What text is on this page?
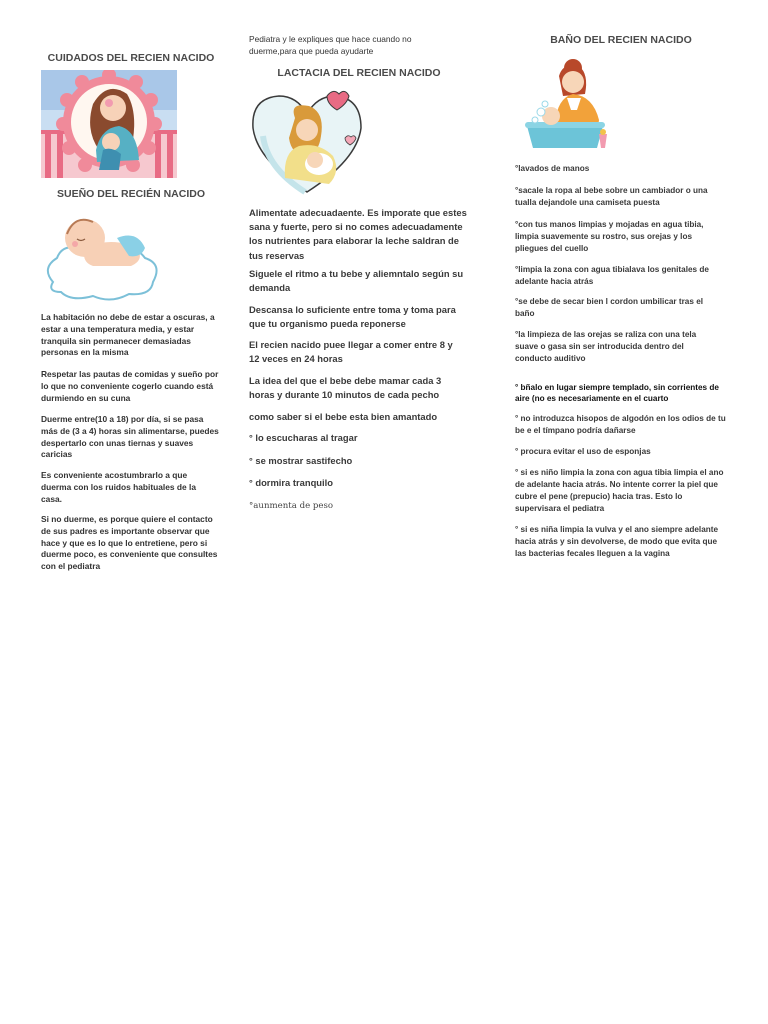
CUIDADOS DEL RECIEN NACIDO
SUEÑO DEL RECIÉN NACIDO
La habitación no debe de estar a oscuras, a estar a una temperatura media, y estar tranquila sin permanecer demasiadas personas en la misma
Respetar las pautas de comidas y sueño por lo que no conveniente cogerlo cuando está durmiendo en su cuna
Duerme entre(10 a 18) por día, si se pasa más de (3 a 4) horas sin alimentarse, puedes despertarlo con unas tiernas y suaves caricias
Es conveniente acostumbrarlo a que duerma con los ruidos habituales de la casa.
Si no duerme, es porque quiere el contacto de sus padres es importante observar que hace y que es lo que lo entretiene, pero si duerme poco, es conveniente que consultes con el pediatra
Pediatra y le expliques que hace cuando no duerme,para que pueda ayudarte
LACTACIA DEL RECIEN NACIDO
Alimentate adecuadaente. Es imporate que estes sana y fuerte, pero si no comes adecuadamente los nutrientes para elaborar la leche saldran de tus reservas
Siguele el ritmo a tu bebe y aliemntalo según su demanda
Descansa lo suficiente entre toma y toma para que tu organismo pueda reponerse
El recien nacido puee llegar a comer entre 8 y 12 veces en 24 horas
La idea del que el bebe debe mamar cada 3 horas y durante 10 minutos de cada pecho
como saber si el bebe esta bien amantado
° lo escucharas al tragar
° se mostrar sastifecho
° dormira tranquilo
°aunmenta de peso
BAÑO DEL RECIEN NACIDO
°lavados de manos
°sacale la ropa al bebe sobre un cambiador o una tualla dejandole una camiseta puesta
°con tus manos limpias y mojadas en agua tibia, limpia suavemente su rostro, sus orejas y los pliegues del cuello
°limpia la zona con agua tibialava los genitales de adelante hacia atrás
°se debe de secar bien l cordon umbilicar tras el baño
°la limpieza de las orejas se raliza con una tela suave o gasa sin ser introducida dentro del conducto auditivo
° bñalo en lugar siempre templado, sin corrientes de aire (no es necesariamente en el cuarto
° no introduzca hisopos de algodón en los odios de tu be e el tímpano podría dañarse
° procura evitar el uso de esponjas
° si es niño limpia la zona con agua tibia limpia el ano de adelante hacia atrás. No intente correr la piel que cubre el pene (prepucio) hacia tras. Esto lo supervisara el pediatra
° si es niña limpia la vulva y el ano siempre adelante hacia atrás y sin devolverse, de modo que evita que las bacterias fecales lleguen a la vagina
